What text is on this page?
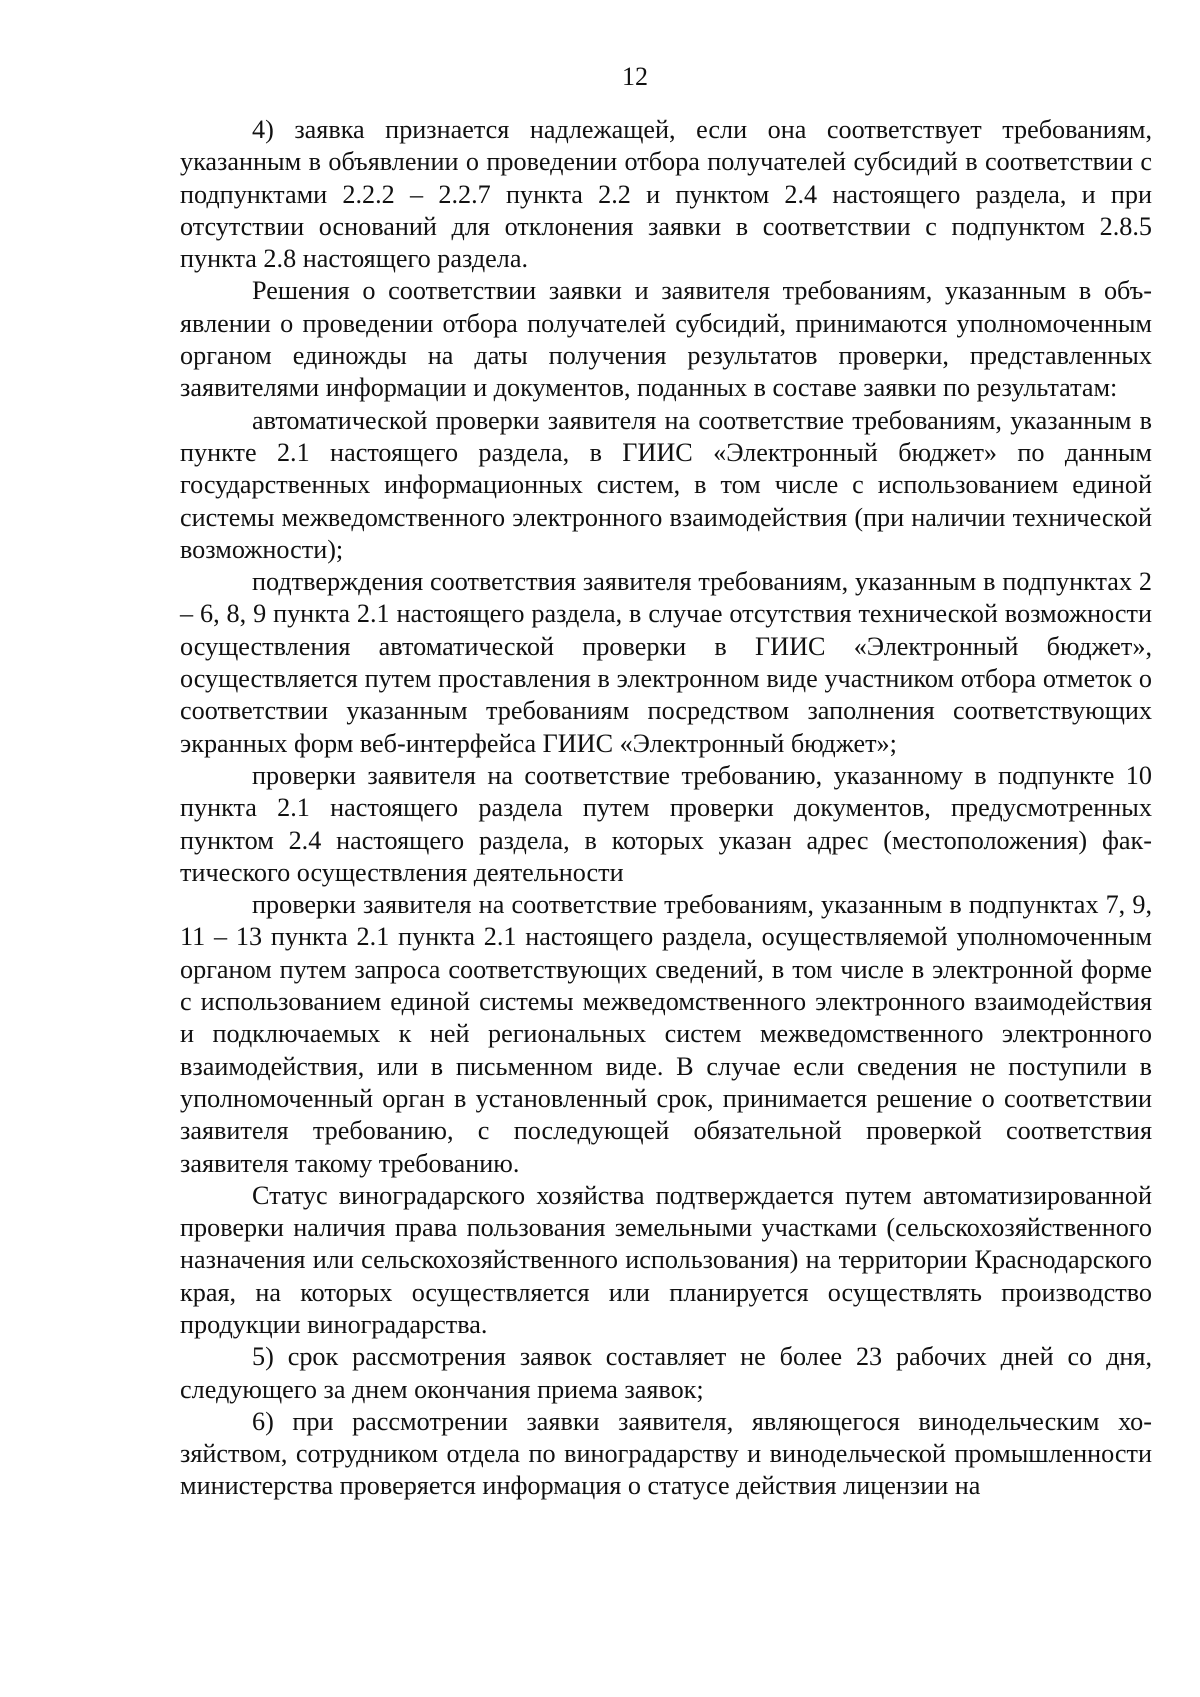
12

4) заявка признается надлежащей, если она соответствует требованиям, указанным в объявлении о проведении отбора получателей субсидий в соответствии с подпунктами 2.2.2 – 2.2.7 пункта 2.2 и пунктом 2.4 настоящего раздела, и при отсутствии оснований для отклонения заявки в соответствии с подпунктом 2.8.5 пункта 2.8 настоящего раздела.

Решения о соответствии заявки и заявителя требованиям, указанным в объявлении о проведении отбора получателей субсидий, принимаются уполномоченным органом единожды на даты получения результатов проверки, представленных заявителями информации и документов, поданных в составе заявки по результатам:

автоматической проверки заявителя на соответствие требованиям, указанным в пункте 2.1 настоящего раздела, в ГИИС «Электронный бюджет» по данным государственных информационных систем, в том числе с использованием единой системы межведомственного электронного взаимодействия (при наличии технической возможности);

подтверждения соответствия заявителя требованиям, указанным в подпунктах 2 – 6, 8, 9 пункта 2.1 настоящего раздела, в случае отсутствия технической возможности осуществления автоматической проверки в ГИИС «Электронный бюджет», осуществляется путем проставления в электронном виде участником отбора отметок о соответствии указанным требованиям посредством заполнения соответствующих экранных форм веб-интерфейса ГИИС «Электронный бюджет»;

проверки заявителя на соответствие требованию, указанному в подпункте 10 пункта 2.1 настоящего раздела путем проверки документов, предусмотренных пунктом 2.4 настоящего раздела, в которых указан адрес (местоположения) фактического осуществления деятельности

проверки заявителя на соответствие требованиям, указанным в подпунктах 7, 9, 11 – 13 пункта 2.1 пункта 2.1 настоящего раздела, осуществляемой уполномоченным органом путем запроса соответствующих сведений, в том числе в электронной форме с использованием единой системы межведомственного электронного взаимодействия и подключаемых к ней региональных систем межведомственного электронного взаимодействия, или в письменном виде. В случае если сведения не поступили в уполномоченный орган в установленный срок, принимается решение о соответствии заявителя требованию, с последующей обязательной проверкой соответствия заявителя такому требованию.

Статус виноградарского хозяйства подтверждается путем автоматизированной проверки наличия права пользования земельными участками (сельскохозяйственного назначения или сельскохозяйственного использования) на территории Краснодарского края, на которых осуществляется или планируется осуществлять производство продукции виноградарства.

5) срок рассмотрения заявок составляет не более 23 рабочих дней со дня, следующего за днем окончания приема заявок;

6) при рассмотрении заявки заявителя, являющегося винодельческим хозяйством, сотрудником отдела по виноградарству и винодельческой промышленности министерства проверяется информация о статусе действия лицензии на
